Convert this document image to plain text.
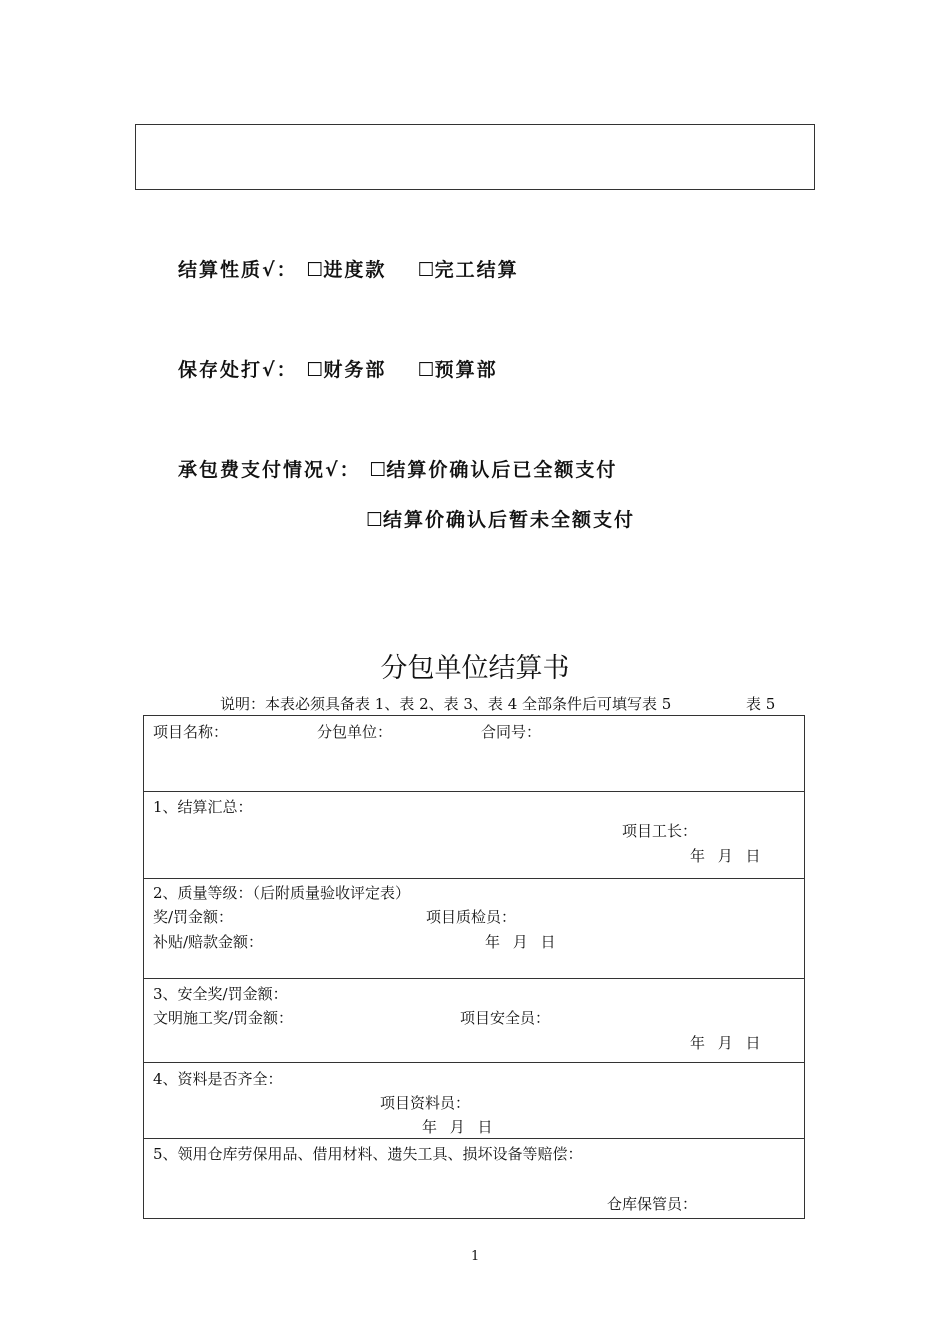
结算性质√： ☐进度款 ☐完工结算
保存处打√： ☐财务部 ☐预算部
承包费支付情况√： ☐结算价确认后已全额支付
☐结算价确认后暂未全额支付
分包单位结算书
说明：本表必须具备表 1、表 2、表 3、表 4 全部条件后可填写表 5	表 5
项目名称：	分包单位：	合同号：
1、结算汇总：
项目工长：
年 月 日
2、质量等级：（后附质量验收评定表）
奖/罚金额：	项目质检员：
补贴/赔款金额：	年 月 日
3、安全奖/罚金额：
文明施工奖/罚金额：	项目安全员：
年 月 日
4、资料是否齐全：
项目资料员：
年 月 日
5、领用仓库劳保用品、借用材料、遗失工具、损坏设备等赔偿：
仓库保管员：
1
